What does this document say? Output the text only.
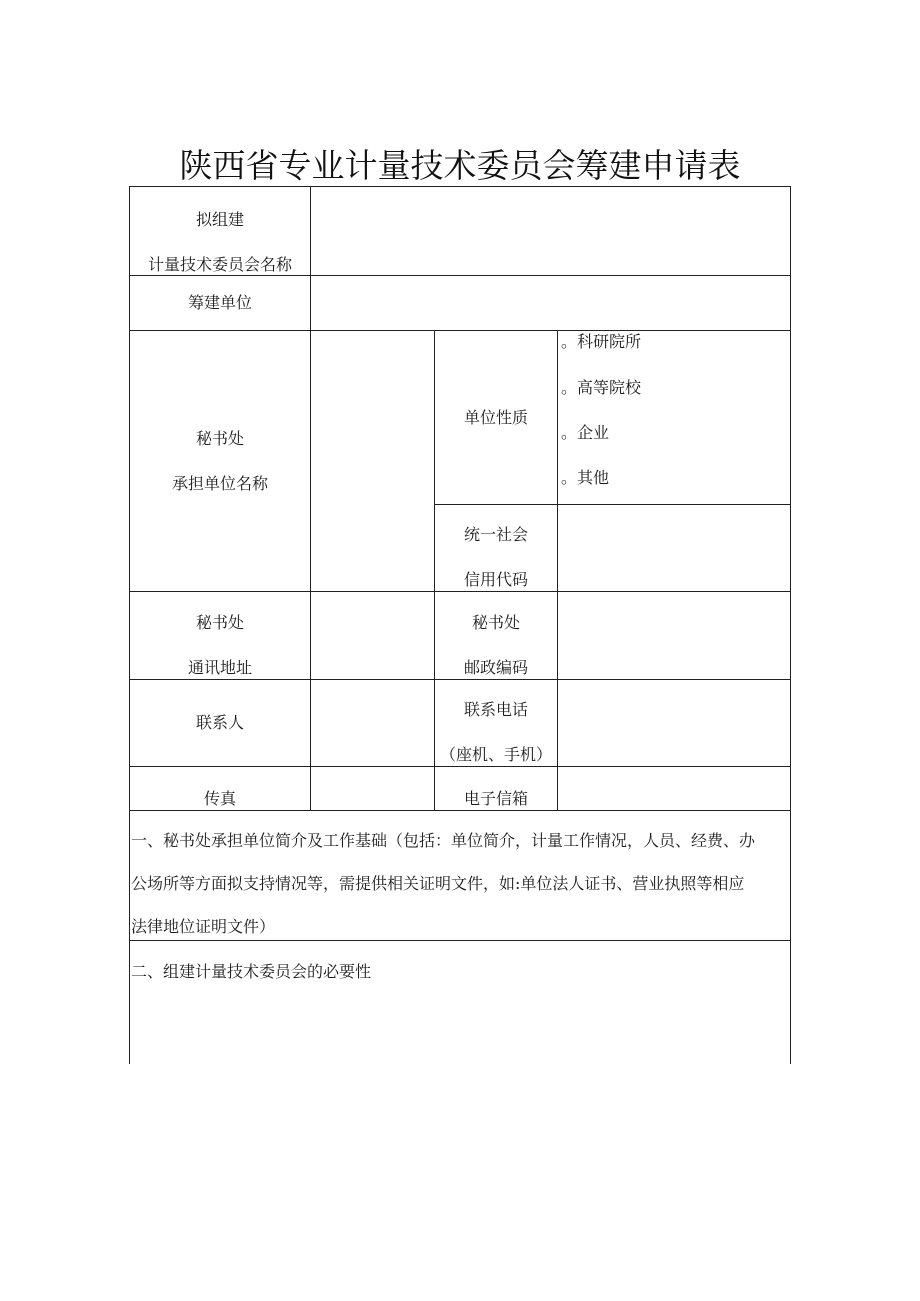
陕西省专业计量技术委员会筹建申请表
拟组建
计量技术委员会名称
筹建单位
秘书处
承担单位名称
单位性质
。科研院所
。高等院校
。企业
。其他
统一社会
信用代码
秘书处
通讯地址
秘书处
邮政编码
联系人
联系电话
（座机、手机）
传真	电子信箱
一、秘书处承担单位简介及工作基础（包括：单位简介，计量工作情况，人员、经费、办
公场所等方面拟支持情况等，需提供相关证明文件，如:单位法人证书、营业执照等相应
法律地位证明文件）
二、组建计量技术委员会的必要性
